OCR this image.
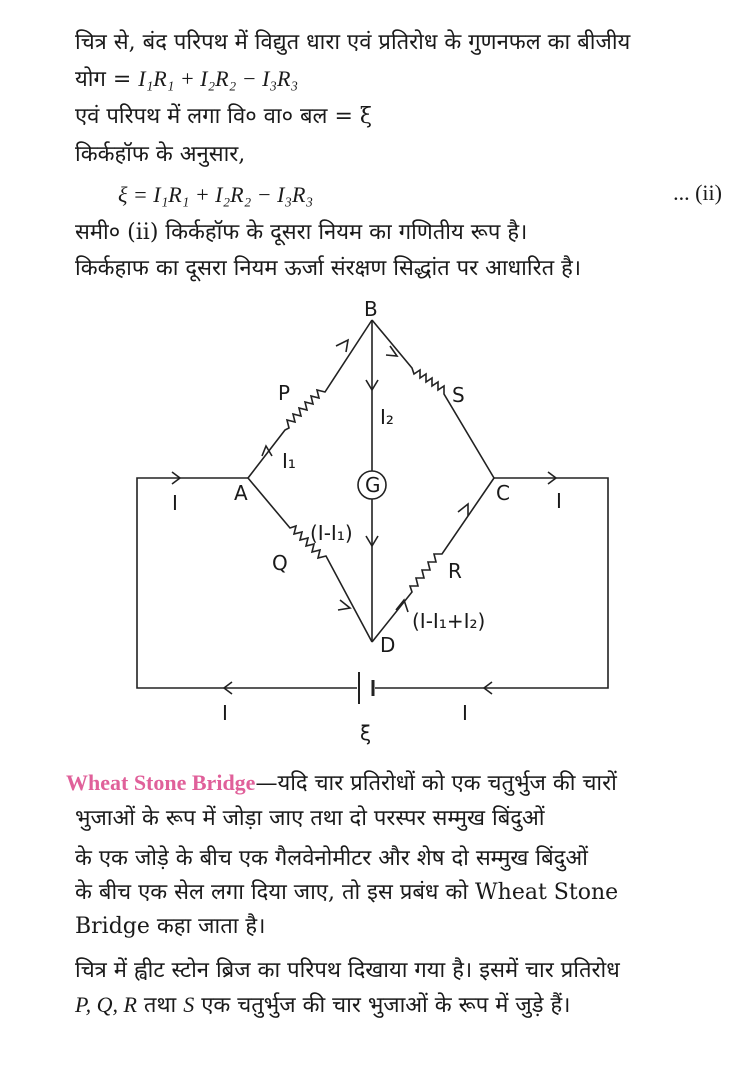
चित्र से, बंद परिपथ में विद्युत धारा एवं प्रतिरोध के गुणनफल का बीजीय
योग = I₁R₁ + I₂R₂ − I₃R₃
एवं परिपथ में लगा वि० वा० बल = ξ
किर्कहॉफ के अनुसार,
ξ = I₁R₁ + I₂R₂ − I₃R₃	... (ii)
समी० (ii) किर्कहॉफ के दूसरा नियम का गणितीय रूप है।
किर्कहाफ का दूसरा नियम ऊर्जा संरक्षण सिद्धांत पर आधारित है।
B
A	C
D
P	S
Q	R
G
I₁
I₂
(I-I₁)
(I-I₁+I₂)
I	I
I	I
ξ
Wheat Stone Bridge—यदि चार प्रतिरोधों को एक चतुर्भुज की चारों
भुजाओं के रूप में जोड़ा जाए तथा दो परस्पर सम्मुख बिंदुओं
के एक जोड़े के बीच एक गैलवेनोमीटर और शेष दो सम्मुख बिंदुओं
के बीच एक सेल लगा दिया जाए, तो इस प्रबंध को Wheat Stone
Bridge कहा जाता है।
चित्र में ह्वीट स्टोन ब्रिज का परिपथ दिखाया गया है। इसमें चार प्रतिरोध
P, Q, R तथा S एक चतुर्भुज की चार भुजाओं के रूप में जुड़े हैं।
